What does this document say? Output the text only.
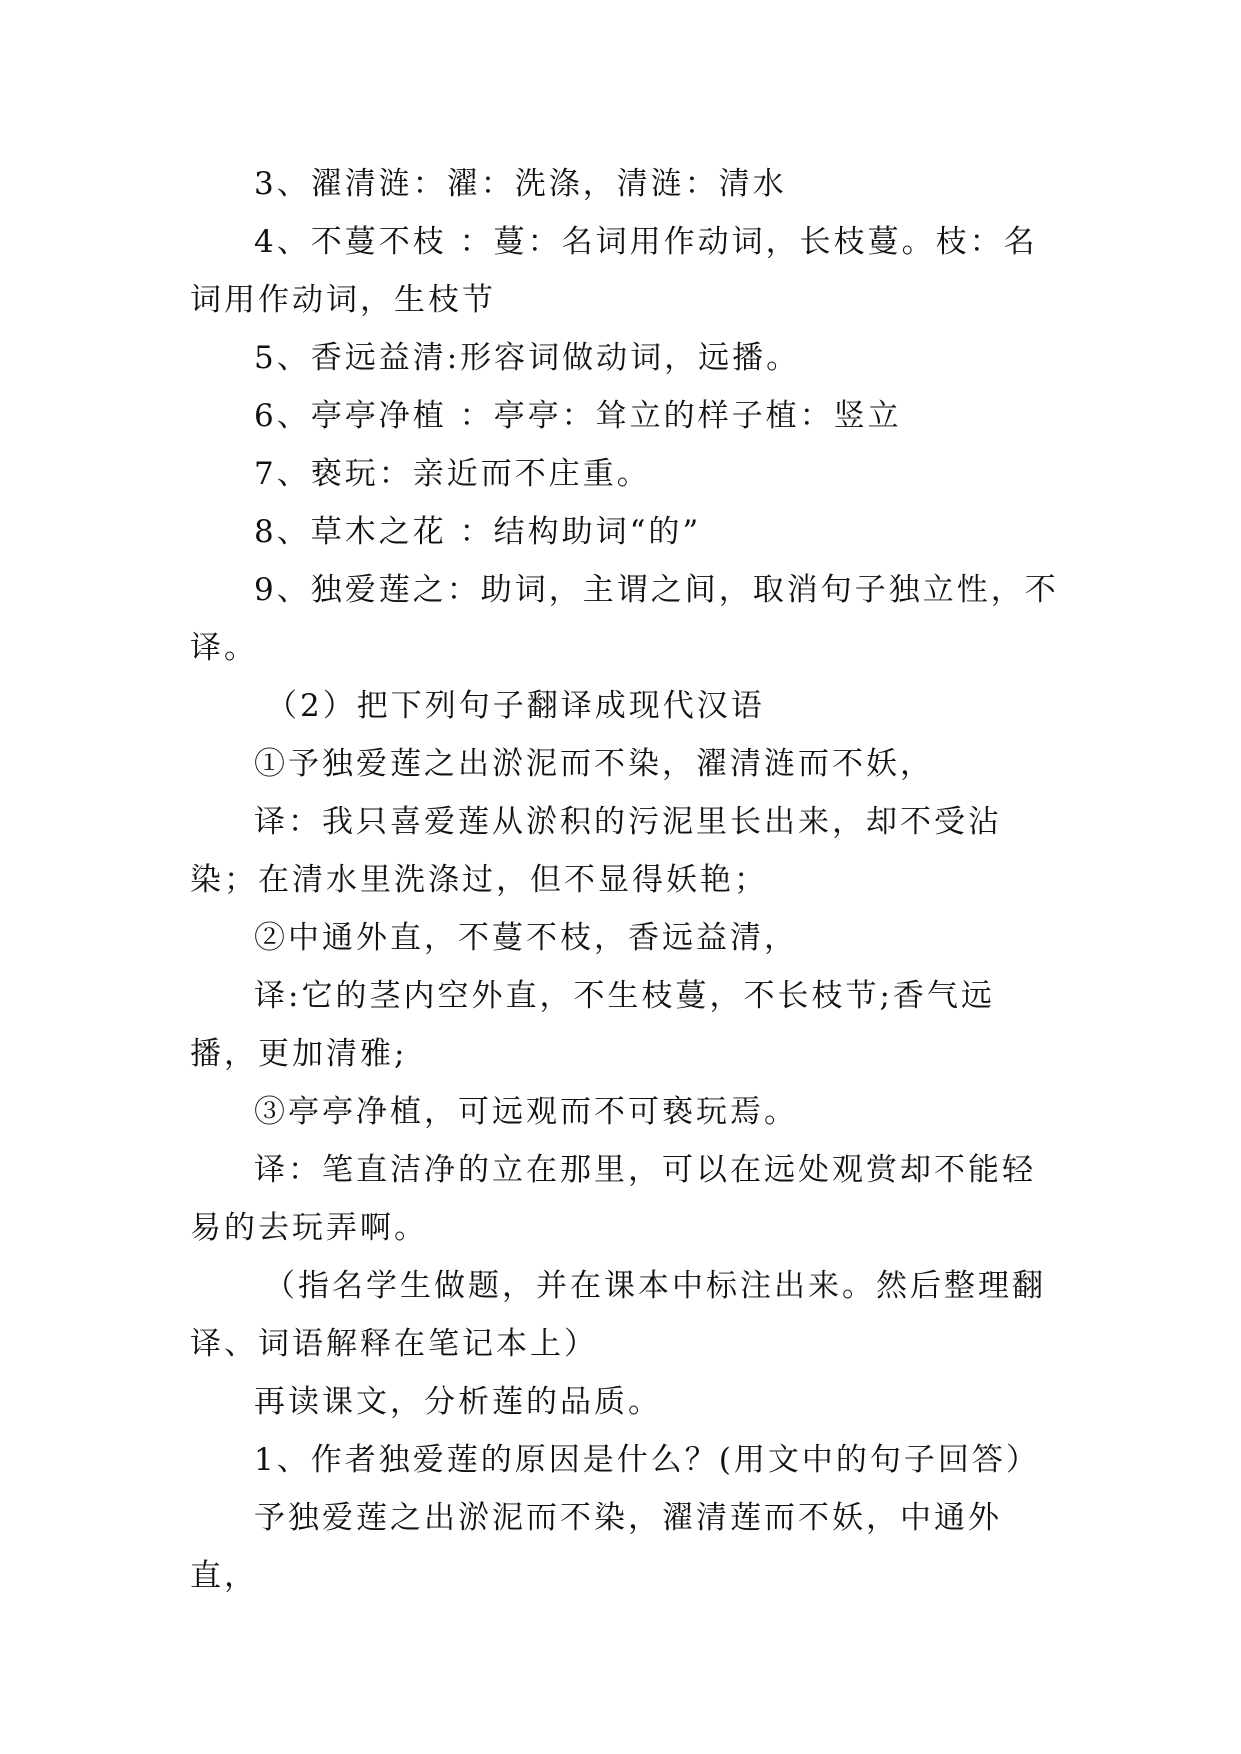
3、濯清涟：濯：洗涤，清涟：清水

4、不蔓不枝 ：蔓：名词用作动词，长枝蔓。枝：名词用作动词，生枝节

5、香远益清:形容词做动词，远播。

6、亭亭净植 ：亭亭：耸立的样子植：竖立

7、亵玩：亲近而不庄重。

8、草木之花 ：结构助词“的”

9、独爱莲之：助词，主谓之间，取消句子独立性，不译。

（2）把下列句子翻译成现代汉语

①予独爱莲之出淤泥而不染，濯清涟而不妖，

译：我只喜爱莲从淤积的污泥里长出来，却不受沾染；在清水里洗涤过，但不显得妖艳；

②中通外直，不蔓不枝，香远益清，

译:它的茎内空外直，不生枝蔓，不长枝节;香气远播，更加清雅;

③亭亭净植，可远观而不可亵玩焉。

译：笔直洁净的立在那里，可以在远处观赏却不能轻易的去玩弄啊。

（指名学生做题，并在课本中标注出来。然后整理翻译、词语解释在笔记本上）

再读课文，分析莲的品质。

1、作者独爱莲的原因是什么？(用文中的句子回答）

予独爱莲之出淤泥而不染，濯清莲而不妖，中通外直，
